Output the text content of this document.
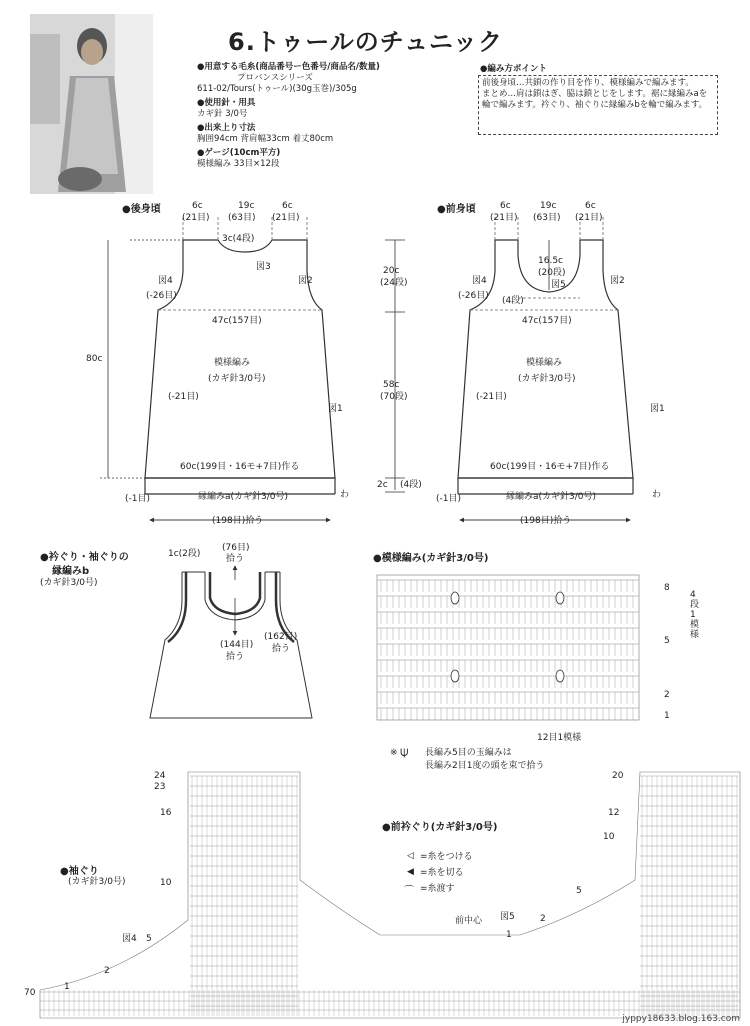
6.トゥールのチュニック
●用意する毛糸(商品番号ー色番号/商品名/数量)
プロバンスシリーズ
611-02/Tours(トゥール)(30g玉巻)/305g
●使用針・用具
カギ針 3/0号
●出来上り寸法
胸囲94cm 背肩幅33cm 着丈80cm
●ゲージ(10cm平方)
模様編み 33目×12段
●編み方ポイント
前後身頃…共鎖の作り目を作り、模様編みで編みます。
まとめ…肩は鎖はぎ、脇は鎖とじをします。裾に縁編みaを輪で編みます。衿ぐり、袖ぐりに縁編みbを輪で編みます。
●後身頃	6c	19c	6c
(21目) (63目) (21目)
3c(4段)
図3
図4	図2
(-26目)
47c(157目)
模様編み
(カギ針3/0号)
(-21目)
図1
80c
60c(199目・16モ+7目)作る
縁編みa(カギ針3/0号)
(-1目)	わ
(198目)拾う
20c
(24段)
58c
(70段)
2c (4段)
●前身頃	6c	19c	6c
(21目) (63目) (21目)
16.5c
(20段)
図5
(4段)
図4	図2
(-26目)
47c(157目)
模様編み
(カギ針3/0号)
(-21目)
図1
60c(199目・16モ+7目)作る
縁編みa(カギ針3/0号)
(-1目)	わ
(198目)拾う
●衿ぐり・袖ぐりの
縁編みb
(カギ針3/0号)
1c(2段)
(76目)
拾う
(144目)
拾う
(162目)
拾う
●模様編み(カギ針3/0号)
8
5
2
1
4段1模様
12目1模様
※ ⍦ 長編み5目の玉編みは
長編み2目1度の頭を束で拾う
●袖ぐり
(カギ針3/0号)
24
23
16
10
5
2
1
70
図4
●前衿ぐり(カギ針3/0号)
◁ =糸をつける
◀ =糸を切る
⌒ =糸渡す
前中心 図5
20
12
10
5
2
1
jyppy18633.blog.163.com
